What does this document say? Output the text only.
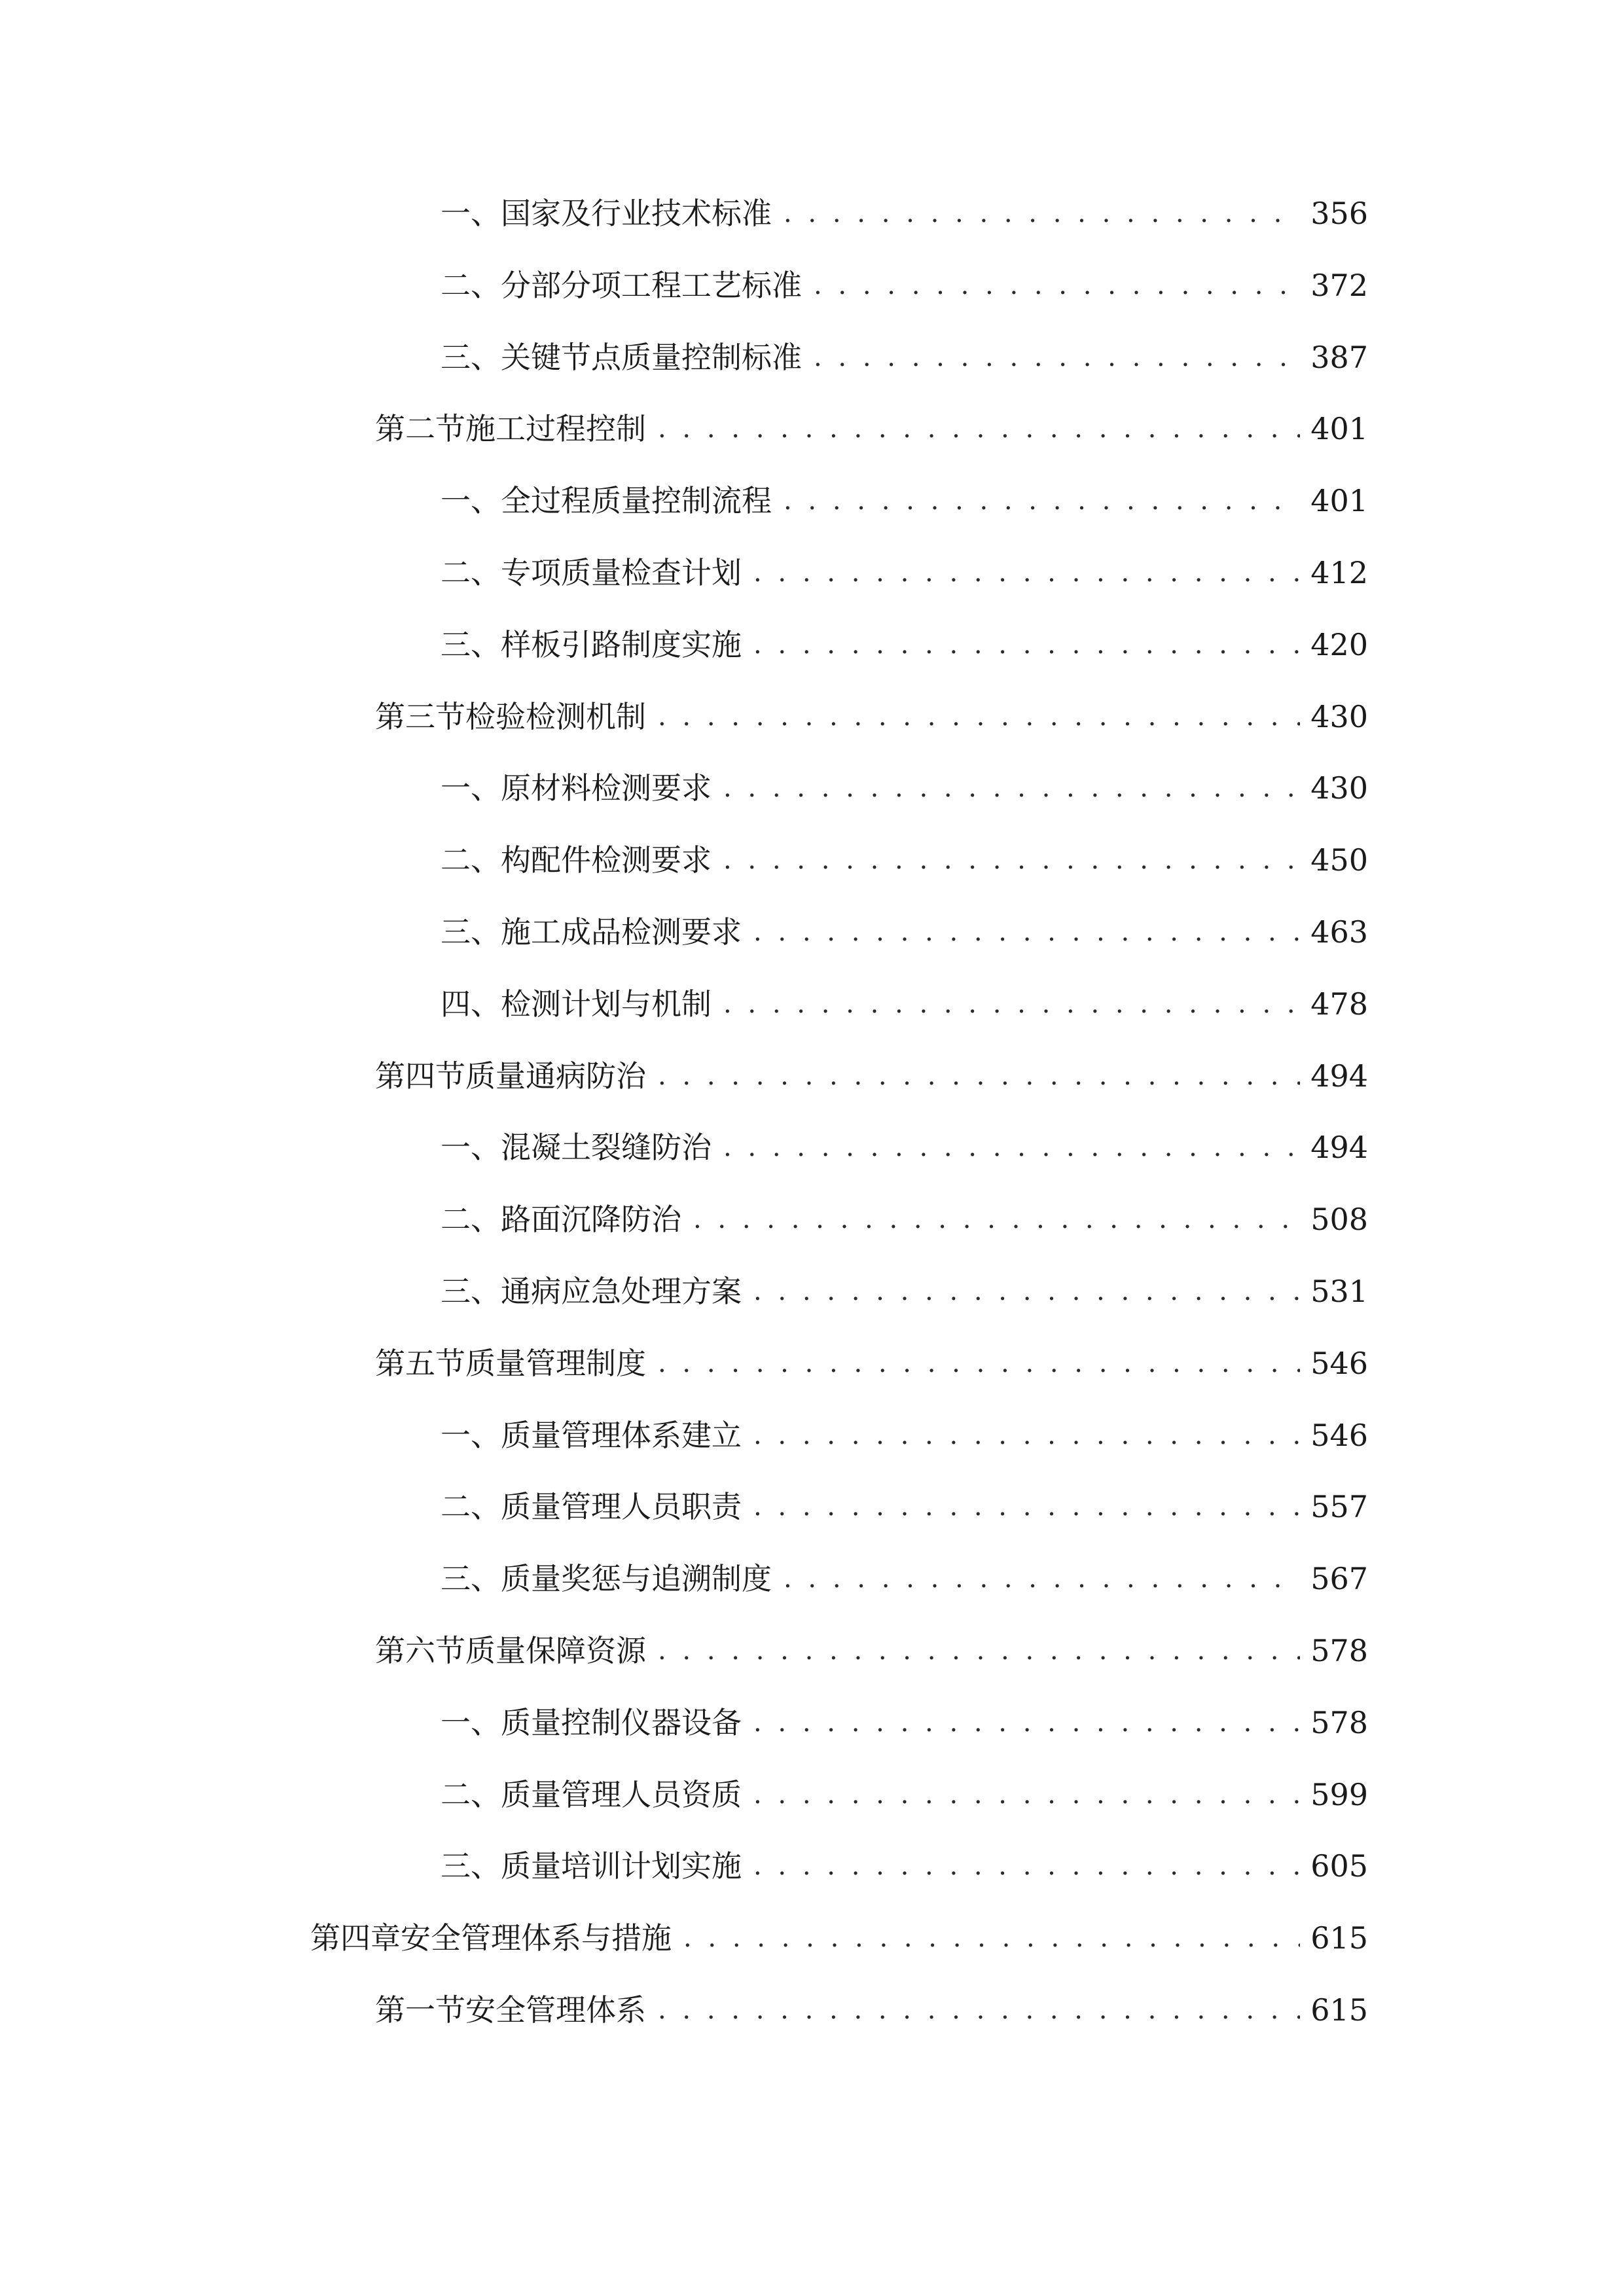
一、 国家及行业技术标准 . . .	356
二、 分部分项工程工艺标准 . . .	372
三、 关键节点质量控制标准 . . .	387
第二节 施工过程控制 . . .	401
一、 全过程质量控制流程 . . .	401
二、 专项质量检查计划 . . .	412
三、 样板引路制度实施 . . .	420
第三节 检验检测机制 . . .	430
一、 原材料检测要求 . . .	430
二、 构配件检测要求 . . .	450
三、 施工成品检测要求 . . .	463
四、 检测计划与机制 . . .	478
第四节 质量通病防治 . . .	494
一、 混凝土裂缝防治 . . .	494
二、 路面沉降防治 . . .	508
三、 通病应急处理方案 . . .	531
第五节 质量管理制度 . . .	546
一、 质量管理体系建立 . . .	546
二、 质量管理人员职责 . . .	557
三、 质量奖惩与追溯制度 . . .	567
第六节 质量保障资源 . . .	578
一、 质量控制仪器设备 . . .	578
二、 质量管理人员资质 . . .	599
三、 质量培训计划实施 . . .	605
第四章 安全管理体系与措施 . . .	615
第一节 安全管理体系 . . .	615
